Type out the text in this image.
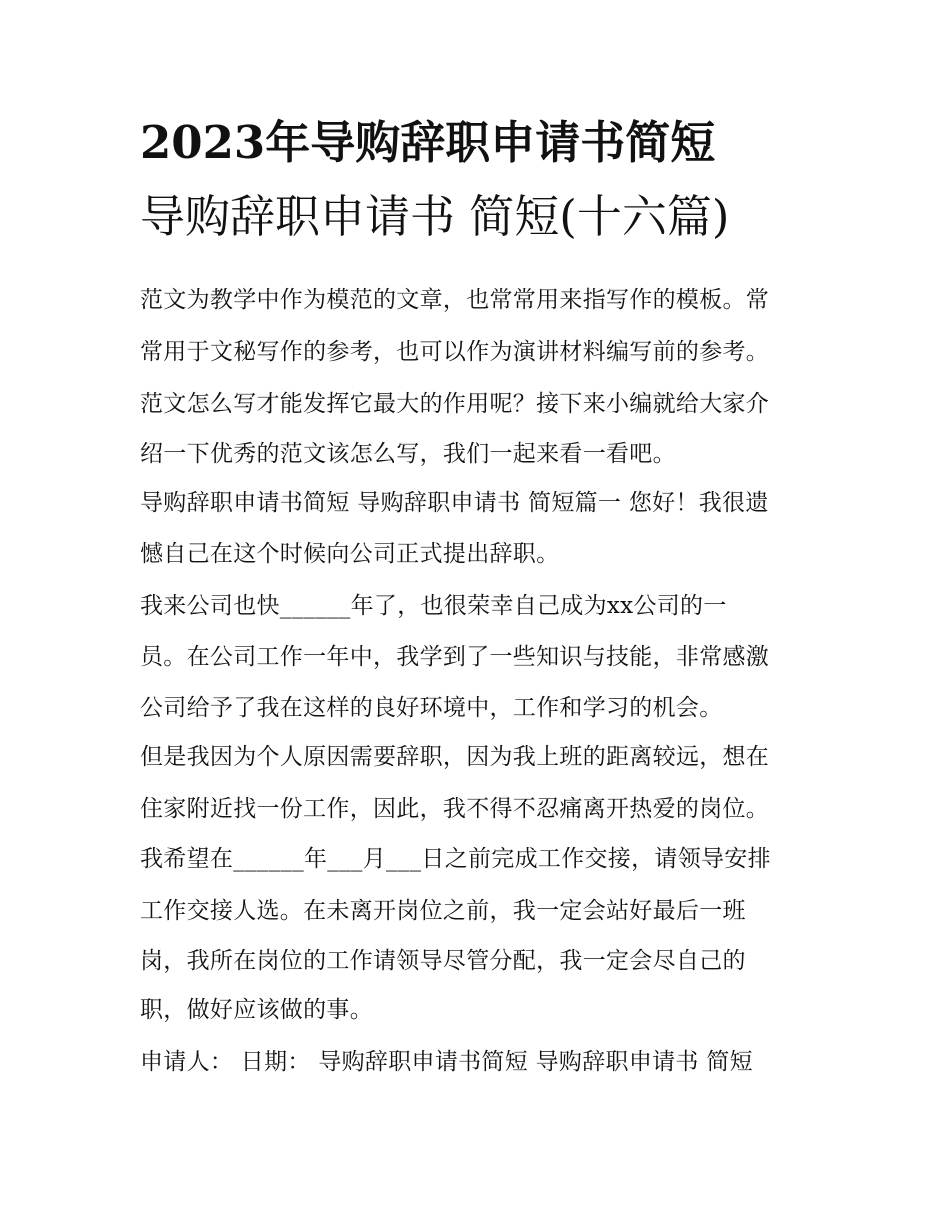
2023年导购辞职申请书简短
导购辞职申请书 简短(十六篇)
范文为教学中作为模范的文章，也常常用来指写作的模板。常
常用于文秘写作的参考，也可以作为演讲材料编写前的参考。
范文怎么写才能发挥它最大的作用呢？接下来小编就给大家介
绍一下优秀的范文该怎么写，我们一起来看一看吧。
导购辞职申请书简短 导购辞职申请书 简短篇一 您好！我很遗
憾自己在这个时候向公司正式提出辞职。
我来公司也快______年了，也很荣幸自己成为xx公司的一
员。在公司工作一年中，我学到了一些知识与技能，非常感激
公司给予了我在这样的良好环境中，工作和学习的机会。
但是我因为个人原因需要辞职，因为我上班的距离较远，想在
住家附近找一份工作，因此，我不得不忍痛离开热爱的岗位。
我希望在______年___月___日之前完成工作交接，请领导安排
工作交接人选。在未离开岗位之前，我一定会站好最后一班
岗，我所在岗位的工作请领导尽管分配，我一定会尽自己的
职，做好应该做的事。
申请人： 日期： 导购辞职申请书简短 导购辞职申请书 简短
